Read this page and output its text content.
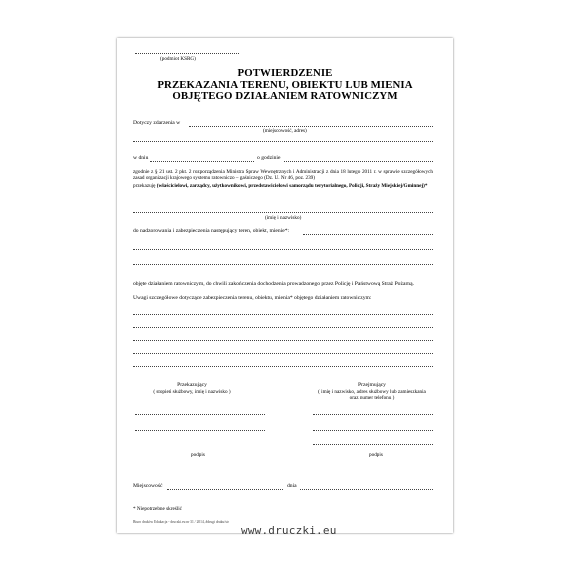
(podmiot KSRG)
POTWIERDZENIE
PRZEKAZANIA TERENU, OBIEKTU LUB MIENIA
OBJĘTEGO DZIAŁANIEM RATOWNICZYM
Dotyczy zdarzenia w
(miejscowość, adres)
w dniu	o godzinie
zgodnie z § 21 ust. 2 pkt. 2 rozporządzenia Ministra Spraw Wewnętrznych i Administracji z dnia 18 lutego 2011 r. w sprawie szczegółowych zasad organizacji krajowego systemu ratowniczo – gaśniczego (Dz. U. Nr 46, poz. 239)
przekazuję (właścicielowi, zarządcy, użytkownikowi, przedstawicielowi samorządu terytorialnego, Policji, Straży Miejskiej/Gminnej)*
(imię i nazwisko)
do nadzorowania i zabezpieczenia następujący teren, obiekt, mienie*:
objęte działaniem ratowniczym, do chwili zakończenia dochodzenia prowadzonego przez Policję i Państwową Straż Pożarną.
Uwagi szczegółowe dotyczące zabezpieczenia terenu, obiektu, mienia* objętego działaniem ratowniczym:
Przekazujący
( stopień służbowy, imię i nazwisko )
Przejmujący
( imię i nazwisko, adres służbowy lub zamieszkania
oraz numer telefonu )
podpis	podpis
Miejscowość	dnia
* Niepotrzebne skreślić
Biuro druków Edukacja - druczki.eu nr 31 / 2014, #drugi druku/str
www.druczki.eu
